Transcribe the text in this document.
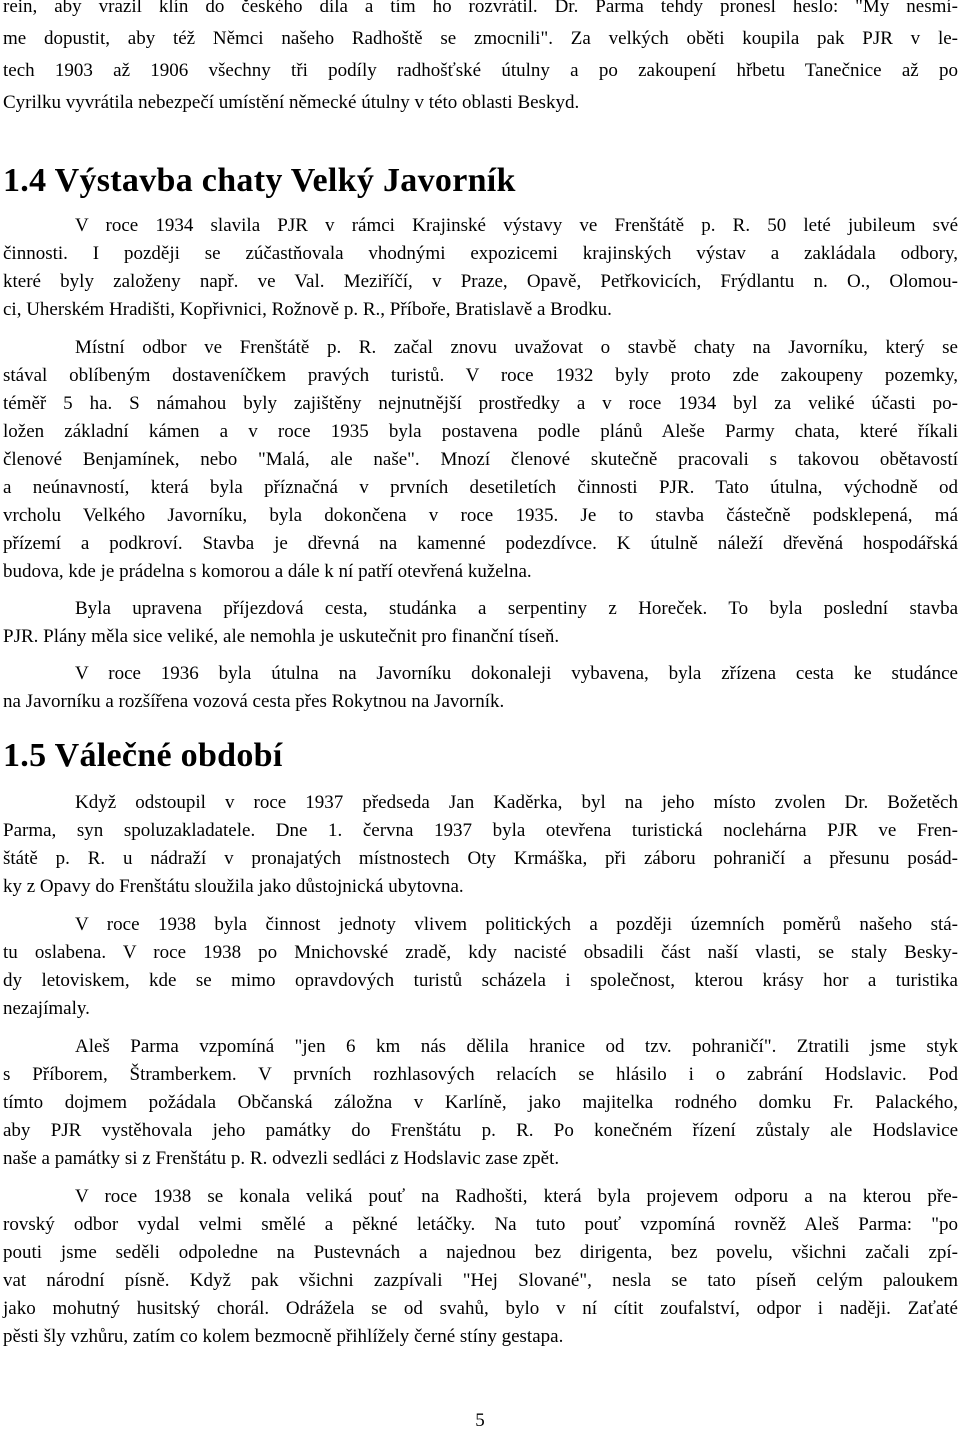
rein, aby vrazil klín do českého díla a tím ho rozvrátil. Dr. Parma tehdy pronesl heslo: "My nesmí-
me dopustit, aby též Němci našeho Radhoště se zmocnili". Za velkých oběti koupila pak PJR v le-
tech 1903 až 1906 všechny tři podíly radhošťské útulny a po zakoupení hřbetu Tanečnice až po
Cyrilku vyvrátila nebezpečí umístění německé útulny v této oblasti Beskyd.
1.4 Výstavba chaty Velký Javorník
V roce 1934 slavila PJR v rámci Krajinské výstavy ve Frenštátě p. R. 50 leté jubileum své
činnosti. I později se zúčastňovala vhodnými expozicemi krajinských výstav a zakládala odbory,
které byly založeny např. ve Val. Meziříčí, v Praze, Opavě, Petřkovicích, Frýdlantu n. O., Olomou-
ci, Uherském Hradišti, Kopřivnici, Rožnově p. R., Příboře, Bratislavě a Brodku.
Místní odbor ve Frenštátě p. R. začal znovu uvažovat o stavbě chaty na Javorníku, který se
stával oblíbeným dostaveníčkem pravých turistů. V roce 1932 byly proto zde zakoupeny pozemky,
téměř 5 ha. S námahou byly zajištěny nejnutnější prostředky a v roce 1934 byl za veliké účasti po-
ložen základní kámen a v roce 1935 byla postavena podle plánů Aleše Parmy chata, které říkali
členové Benjamínek, nebo "Malá, ale naše". Mnozí členové skutečně pracovali s takovou obětavostí
a neúnavností, která byla příznačná v prvních desetiletích činnosti PJR. Tato útulna, východně od
vrcholu Velkého Javorníku, byla dokončena v roce 1935. Je to stavba částečně podsklepená, má
přízemí a podkroví. Stavba je dřevná na kamenné podezdívce. K útulně náleží dřevěná hospodářská
budova, kde je prádelna s komorou a dále k ní patří otevřená kuželna.
Byla upravena příjezdová cesta, studánka a serpentiny z Horeček. To byla poslední stavba
PJR. Plány měla sice veliké, ale nemohla je uskutečnit pro finanční tíseň.
V roce 1936 byla útulna na Javorníku dokonaleji vybavena, byla zřízena cesta ke studánce
na Javorníku a rozšířena vozová cesta přes Rokytnou na Javorník.
1.5 Válečné období
Když odstoupil v roce 1937 předseda Jan Kaděrka, byl na jeho místo zvolen Dr. Božetěch
Parma, syn spoluzakladatele. Dne 1. června 1937 byla otevřena turistická noclehárna PJR ve Fren-
štátě p. R. u nádraží v pronajatých místnostech Oty Krmáška, při záboru pohraničí a přesunu posád-
ky z Opavy do Frenštátu sloužila jako důstojnická ubytovna.
V roce 1938 byla činnost jednoty vlivem politických a později územních poměrů našeho stá-
tu oslabena. V roce 1938 po Mnichovské zradě, kdy nacisté obsadili část naší vlasti, se staly Besky-
dy letoviskem, kde se mimo opravdových turistů scházela i společnost, kterou krásy hor a turistika
nezajímaly.
Aleš Parma vzpomíná "jen 6 km nás dělila hranice od tzv. pohraničí". Ztratili jsme styk
s Příborem, Štramberkem. V prvních rozhlasových relacích se hlásilo i o zabrání Hodslavic. Pod
tímto dojmem požádala Občanská záložna v Karlíně, jako majitelka rodného domku Fr. Palackého,
aby PJR vystěhovala jeho památky do Frenštátu p. R. Po konečném řízení zůstaly ale Hodslavice
naše a památky si z Frenštátu p. R. odvezli sedláci z Hodslavic zase zpět.
V roce 1938 se konala veliká pouť na Radhošti, která byla projevem odporu a na kterou pře-
rovský odbor vydal velmi smělé a pěkné letáčky. Na tuto pouť vzpomíná rovněž Aleš Parma: "po
pouti jsme seděli odpoledne na Pustevnách a najednou bez dirigenta, bez povelu, všichni začali zpí-
vat národní písně. Když pak všichni zazpívali "Hej Slované", nesla se tato píseň celým paloukem
jako mohutný husitský chorál. Odrážela se od svahů, bylo v ní cítit zoufalství, odpor i naději. Zaťaté
pěsti šly vzhůru, zatím co kolem bezmocně přihlížely černé stíny gestapa.
5
